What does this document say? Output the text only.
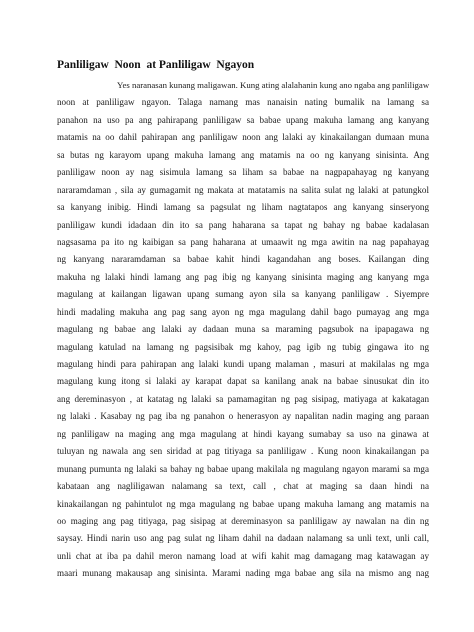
Panliligaw  Noon  at Panliligaw  Ngayon
Yes naranasan kunang maligawan. Kung ating alalahanin kung ano ngaba ang panliligaw
noon at panliligaw ngayon. Talaga namang mas nanaisin nating bumalik na lamang sa
panahon na uso pa ang pahirapang panliligaw sa babae upang makuha lamang ang kanyang
matamis na oo dahil pahirapan ang panliligaw noon ang lalaki ay kinakailangan dumaan muna
sa butas ng karayom upang makuha lamang ang matamis na oo ng kanyang sinisinta. Ang
panliligaw noon ay nag sisimula lamang sa liham sa babae na nagpapahayag ng kanyang
nararamdaman , sila ay gumagamit ng makata at matatamis na salita sulat ng lalaki at patungkol
sa kanyang inibig. Hindi lamang sa pagsulat ng liham nagtatapos ang kanyang sinseryong
panliligaw kundi idadaan din ito sa pang haharana sa tapat ng bahay ng babae kadalasan
nagsasama pa ito ng kaibigan sa pang haharana at umaawit ng mga awitin na nag papahayag
ng kanyang nararamdaman sa babae kahit hindi kagandahan ang boses. Kailangan ding
makuha ng lalaki hindi lamang ang pag ibig ng kanyang sinisinta maging ang kanyang mga
magulang at kailangan ligawan upang sumang ayon sila sa kanyang panliligaw . Siyempre
hindi madaling makuha ang pag sang ayon ng mga magulang dahil bago pumayag ang mga
magulang ng babae ang lalaki ay dadaan muna sa maraming pagsubok na ipapagawa ng
magulang katulad na lamang ng pagsisibak mg kahoy, pag igib ng tubig gingawa ito ng
magulang hindi para pahirapan ang lalaki kundi upang malaman , masuri at makilalas ng mga
magulang kung itong si lalaki ay karapat dapat sa kanilang anak na babae sinusukat din ito
ang dereminasyon , at katatag ng lalaki sa pamamagitan ng pag sisipag, matiyaga at kakatagan
ng lalaki . Kasabay ng pag iba ng panahon o henerasyon ay napalitan nadin maging ang paraan
ng panliligaw na maging ang mga magulang at hindi kayang sumabay sa uso na ginawa at
tuluyan ng nawala ang sen siridad at pag titiyaga sa panliligaw . Kung noon kinakailangan pa
munang pumunta ng lalaki sa bahay ng babae upang makilala ng magulang ngayon marami sa mga
kabataan ang nagliligawan nalamang sa text, call , chat at maging sa daan hindi na
kinakailangan ng pahintulot ng mga magulang ng babae upang makuha lamang ang matamis na
oo maging ang pag titiyaga, pag sisipag at dereminasyon sa panliligaw ay nawalan na din ng
saysay. Hindi narin uso ang pag sulat ng liham dahil na dadaan nalamang sa unli text, unli call,
unli chat at iba pa dahil meron namang load at wifi kahit mag damagang mag katawagan ay
maari munang makausap ang sinisinta. Marami nading mga babae ang sila na mismo ang nag
